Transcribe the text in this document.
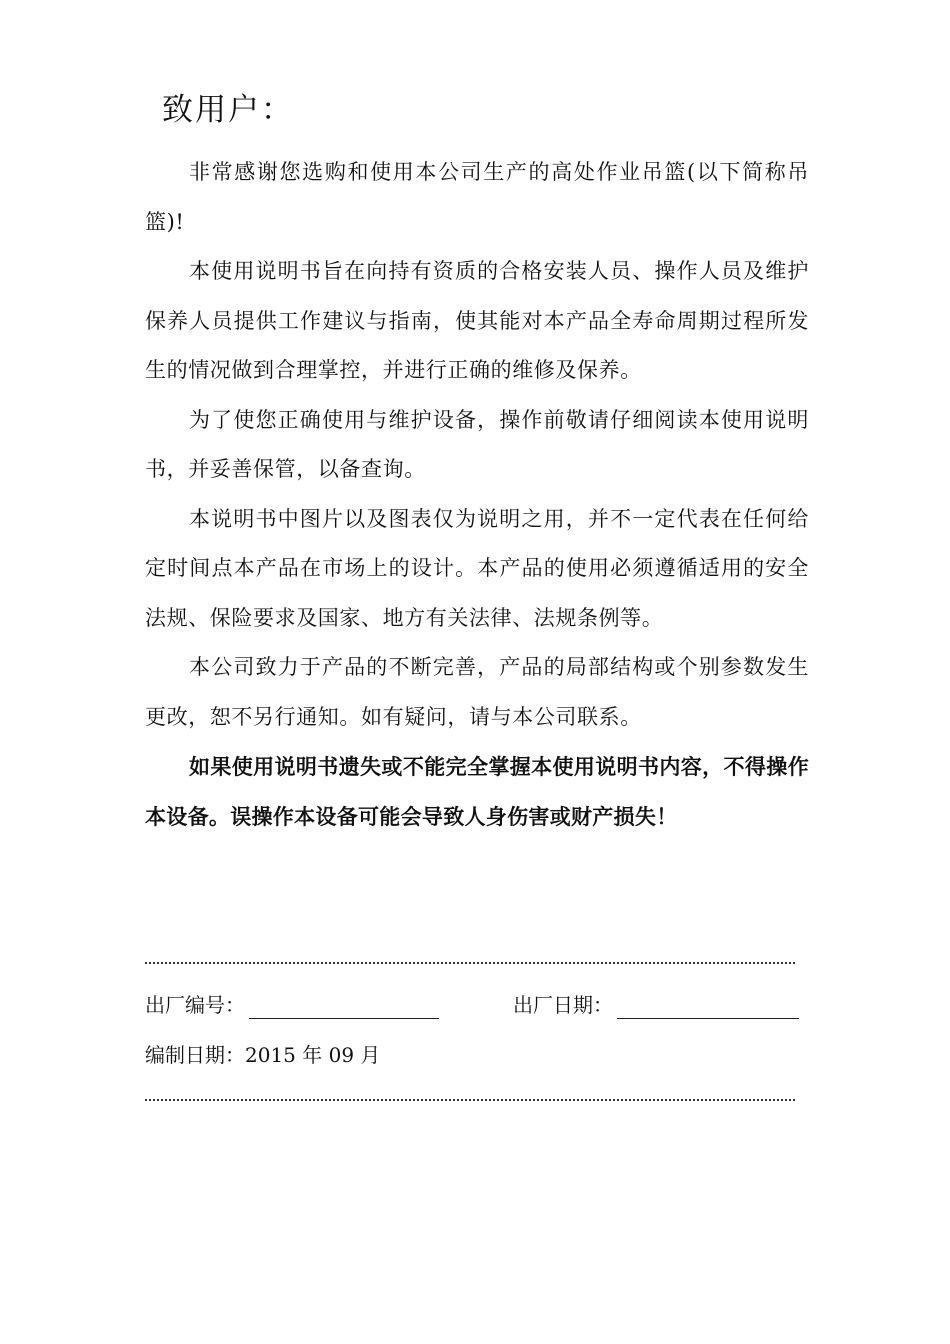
致用户：

非常感谢您选购和使用本公司生产的高处作业吊篮(以下简称吊篮)!

本使用说明书旨在向持有资质的合格安装人员、操作人员及维护保养人员提供工作建议与指南，使其能对本产品全寿命周期过程所发生的情况做到合理掌控，并进行正确的维修及保养。

为了使您正确使用与维护设备，操作前敬请仔细阅读本使用说明书，并妥善保管，以备查询。

本说明书中图片以及图表仅为说明之用，并不一定代表在任何给定时间点本产品在市场上的设计。本产品的使用必须遵循适用的安全法规、保险要求及国家、地方有关法律、法规条例等。

本公司致力于产品的不断完善，产品的局部结构或个别参数发生更改，恕不另行通知。如有疑问，请与本公司联系。

如果使用说明书遗失或不能完全掌握本使用说明书内容，不得操作本设备。误操作本设备可能会导致人身伤害或财产损失！

出厂编号：	出厂日期：
编制日期：2015 年 09 月
